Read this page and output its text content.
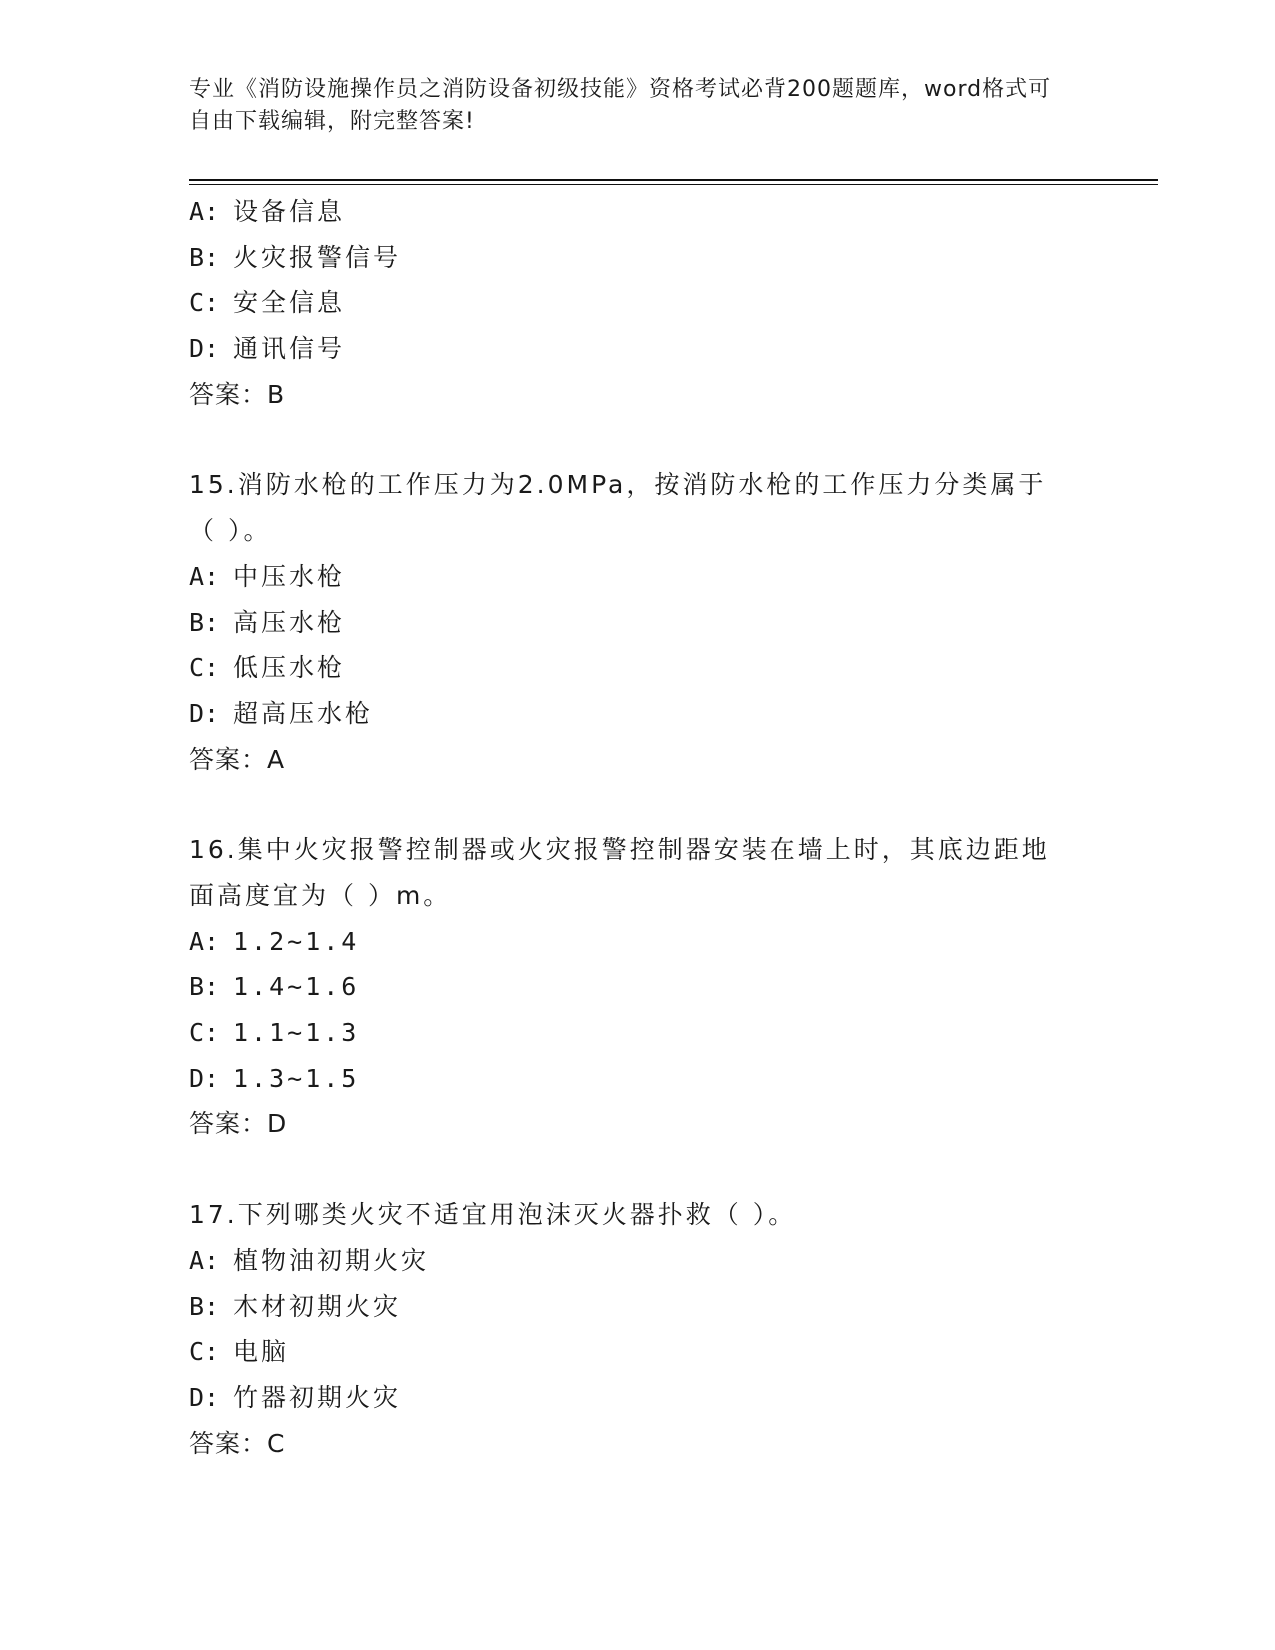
专业《消防设施操作员之消防设备初级技能》资格考试必背200题题库，word格式可自由下载编辑，附完整答案!
A: 设备信息
B: 火灾报警信号
C: 安全信息
D: 通讯信号
答案：B
15.消防水枪的工作压力为2.0MPa，按消防水枪的工作压力分类属于（ ）。
A: 中压水枪
B: 高压水枪
C: 低压水枪
D: 超高压水枪
答案：A
16.集中火灾报警控制器或火灾报警控制器安装在墙上时，其底边距地面高度宜为（ ）m。
A: 1.2~1.4
B: 1.4~1.6
C: 1.1~1.3
D: 1.3~1.5
答案：D
17.下列哪类火灾不适宜用泡沫灭火器扑救（ ）。
A: 植物油初期火灾
B: 木材初期火灾
C: 电脑
D: 竹器初期火灾
答案：C
